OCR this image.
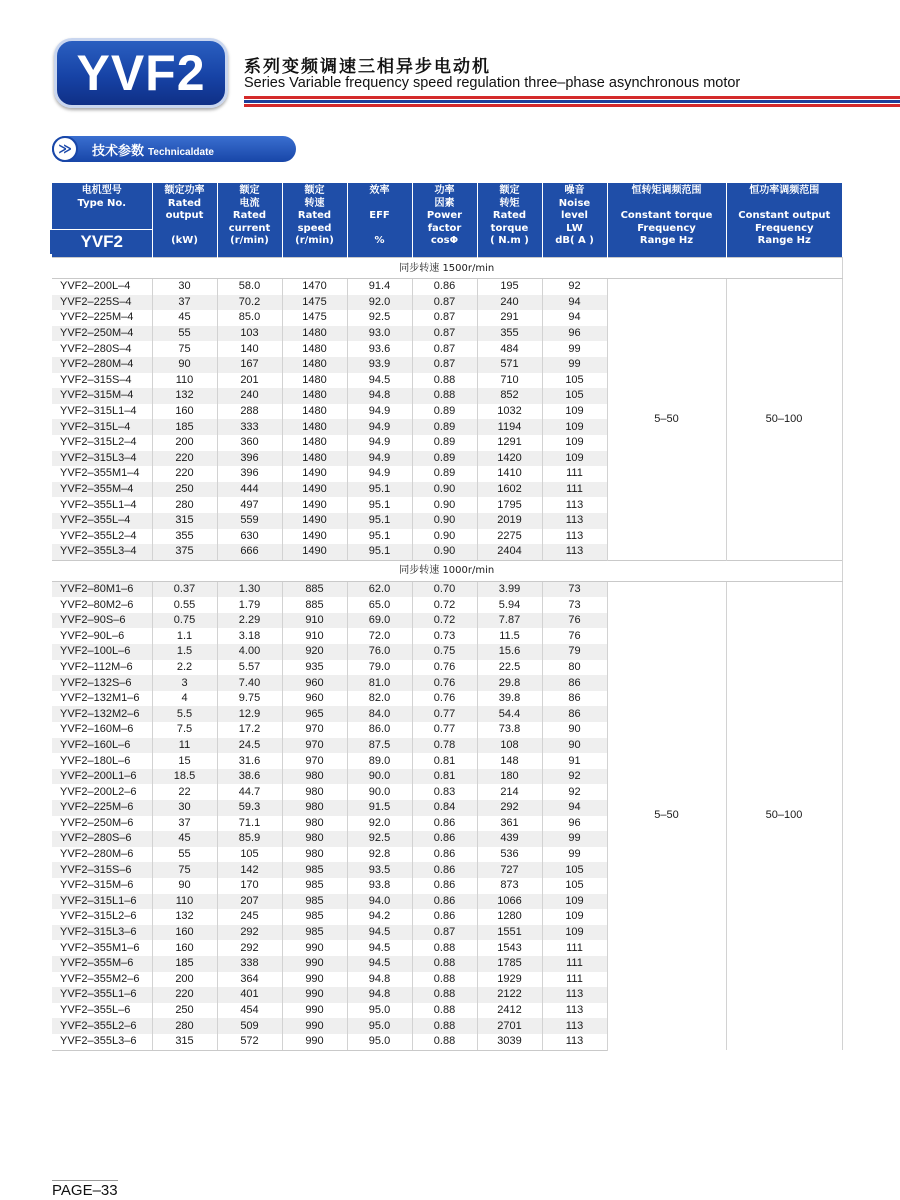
YVF2 系列变频调速三相异步电动机
Series Variable frequency speed regulation three–phase asynchronous motor
≫	技术参数 Technicaldate
电机型号
Type No.
YVF2	额定功率
Rated
output
(kW)	额定
电流
Rated
current
(r/min)	额定
转速
Rated
speed
(r/min)	效率
EFF
%	功率
因素
Power
factor
cosΦ	额定
转矩
Rated
torque
( N.m )	噪音
Noise
level
LW
dB( A )	恒转矩调频范围
Constant torque
Frequency
Range Hz	恒功率调频范围
Constant output
Frequency
Range Hz

同步转速 1500r/min									
YVF2–200L–4	30	58.0	1470	91.4	0.86	195	92	5–50	50–100
YVF2–225S–4	37	70.2	1475	92.0	0.87	240	94		
YVF2–225M–4	45	85.0	1475	92.5	0.87	291	94		
YVF2–250M–4	55	103	1480	93.0	0.87	355	96		
YVF2–280S–4	75	140	1480	93.6	0.87	484	99		
YVF2–280M–4	90	167	1480	93.9	0.87	571	99		
YVF2–315S–4	110	201	1480	94.5	0.88	710	105		
YVF2–315M–4	132	240	1480	94.8	0.88	852	105		
YVF2–315L1–4	160	288	1480	94.9	0.89	1032	109		
YVF2–315L–4	185	333	1480	94.9	0.89	1194	109		
YVF2–315L2–4	200	360	1480	94.9	0.89	1291	109		
YVF2–315L3–4	220	396	1480	94.9	0.89	1420	109		
YVF2–355M1–4	220	396	1490	94.9	0.89	1410	111		
YVF2–355M–4	250	444	1490	95.1	0.90	1602	111		
YVF2–355L1–4	280	497	1490	95.1	0.90	1795	113		
YVF2–355L–4	315	559	1490	95.1	0.90	2019	113		
YVF2–355L2–4	355	630	1490	95.1	0.90	2275	113		
YVF2–355L3–4	375	666	1490	95.1	0.90	2404	113		
同步转速 1000r/min									
YVF2–80M1–6	0.37	1.30	885	62.0	0.70	3.99	73	5–50	50–100
YVF2–80M2–6	0.55	1.79	885	65.0	0.72	5.94	73		
YVF2–90S–6	0.75	2.29	910	69.0	0.72	7.87	76		
YVF2–90L–6	1.1	3.18	910	72.0	0.73	11.5	76		
YVF2–100L–6	1.5	4.00	920	76.0	0.75	15.6	79		
YVF2–112M–6	2.2	5.57	935	79.0	0.76	22.5	80		
YVF2–132S–6	3	7.40	960	81.0	0.76	29.8	86		
YVF2–132M1–6	4	9.75	960	82.0	0.76	39.8	86		
YVF2–132M2–6	5.5	12.9	965	84.0	0.77	54.4	86		
YVF2–160M–6	7.5	17.2	970	86.0	0.77	73.8	90		
YVF2–160L–6	11	24.5	970	87.5	0.78	108	90		
YVF2–180L–6	15	31.6	970	89.0	0.81	148	91		
YVF2–200L1–6	18.5	38.6	980	90.0	0.81	180	92		
YVF2–200L2–6	22	44.7	980	90.0	0.83	214	92		
YVF2–225M–6	30	59.3	980	91.5	0.84	292	94		
YVF2–250M–6	37	71.1	980	92.0	0.86	361	96		
YVF2–280S–6	45	85.9	980	92.5	0.86	439	99		
YVF2–280M–6	55	105	980	92.8	0.86	536	99		
YVF2–315S–6	75	142	985	93.5	0.86	727	105		
YVF2–315M–6	90	170	985	93.8	0.86	873	105		
YVF2–315L1–6	110	207	985	94.0	0.86	1066	109		
YVF2–315L2–6	132	245	985	94.2	0.86	1280	109		
YVF2–315L3–6	160	292	985	94.5	0.87	1551	109		
YVF2–355M1–6	160	292	990	94.5	0.88	1543	111		
YVF2–355M–6	185	338	990	94.5	0.88	1785	111		
YVF2–355M2–6	200	364	990	94.8	0.88	1929	111		
YVF2–355L1–6	220	401	990	94.8	0.88	2122	113		
YVF2–355L–6	250	454	990	95.0	0.88	2412	113		
YVF2–355L2–6	280	509	990	95.0	0.88	2701	113		
YVF2–355L3–6	315	572	990	95.0	0.88	3039	113		
PAGE–33
